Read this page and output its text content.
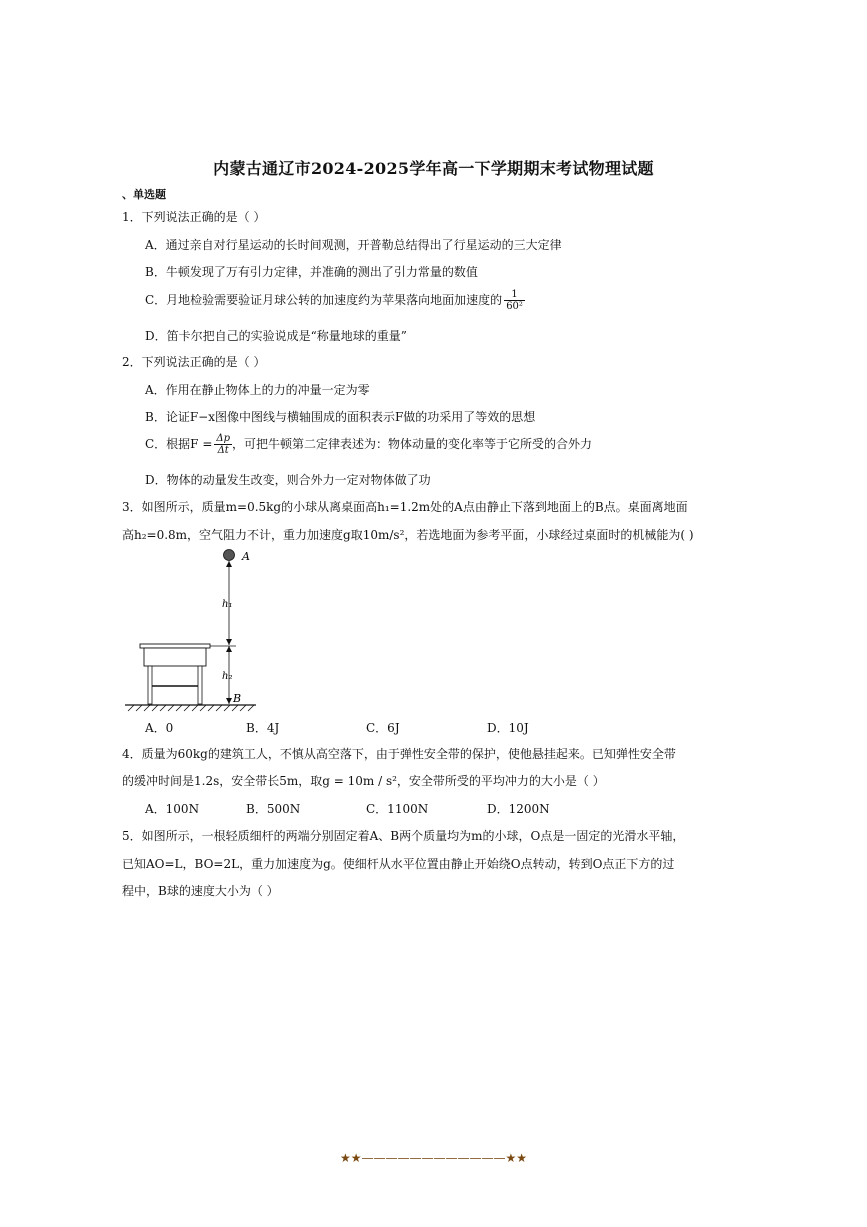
内蒙古通辽市2024-2025学年高一下学期期末考试物理试题
、单选题
1．下列说法正确的是（ ）
A．通过亲自对行星运动的长时间观测，开普勒总结得出了行星运动的三大定律
B．牛顿发现了万有引力定律，并准确的测出了引力常量的数值
C．月地检验需要验证月球公转的加速度约为苹果落向地面加速度的 $\frac{1}{\text{60²}}$
D．笛卡尔把自己的实验说成是“称量地球的重量”
2．下列说法正确的是（ ）
A．作用在静止物体上的力的冲量一定为零
B．论证F−x图像中图线与横轴围成的面积表示F做的功采用了等效的思想
C．根据$F = \frac{\Delta p}{\Delta t}$ ，可把牛顿第二定律表述为：物体动量的变化率等于它所受的合外力
D．物体的动量发生改变，则合外力一定对物体做了功
3．如图所示，质量m=0.5kg的小球从离桌面高h₁=1.2m处的A点由静止下落到地面上的B点。桌面离地面
高h₂=0.8m，空气阻力不计，重力加速度g取10m/s²，若选地面为参考平面，小球经过桌面时的机械能为( )
A
h₁
h₂
B
A．0	B．4J	C．6J	D．10J
4．质量为60kg的建筑工人，不慎从高空落下，由于弹性安全带的保护，使他悬挂起来。已知弹性安全带
的缓冲时间是1.2s，安全带长5m，取g = 10m / s²，安全带所受的平均冲力的大小是（ ）
A．100N	B．500N	C．1100N	D．1200N
5．如图所示，一根轻质细杆的两端分别固定着A、B两个质量均为m的小球，O点是一固定的光滑水平轴，
已知AO=L，BO=2L，重力加速度为g。使细杆从水平位置由静止开始绕O点转动，转到O点正下方的过
程中，B球的速度大小为（ ）
★★————————————★★
